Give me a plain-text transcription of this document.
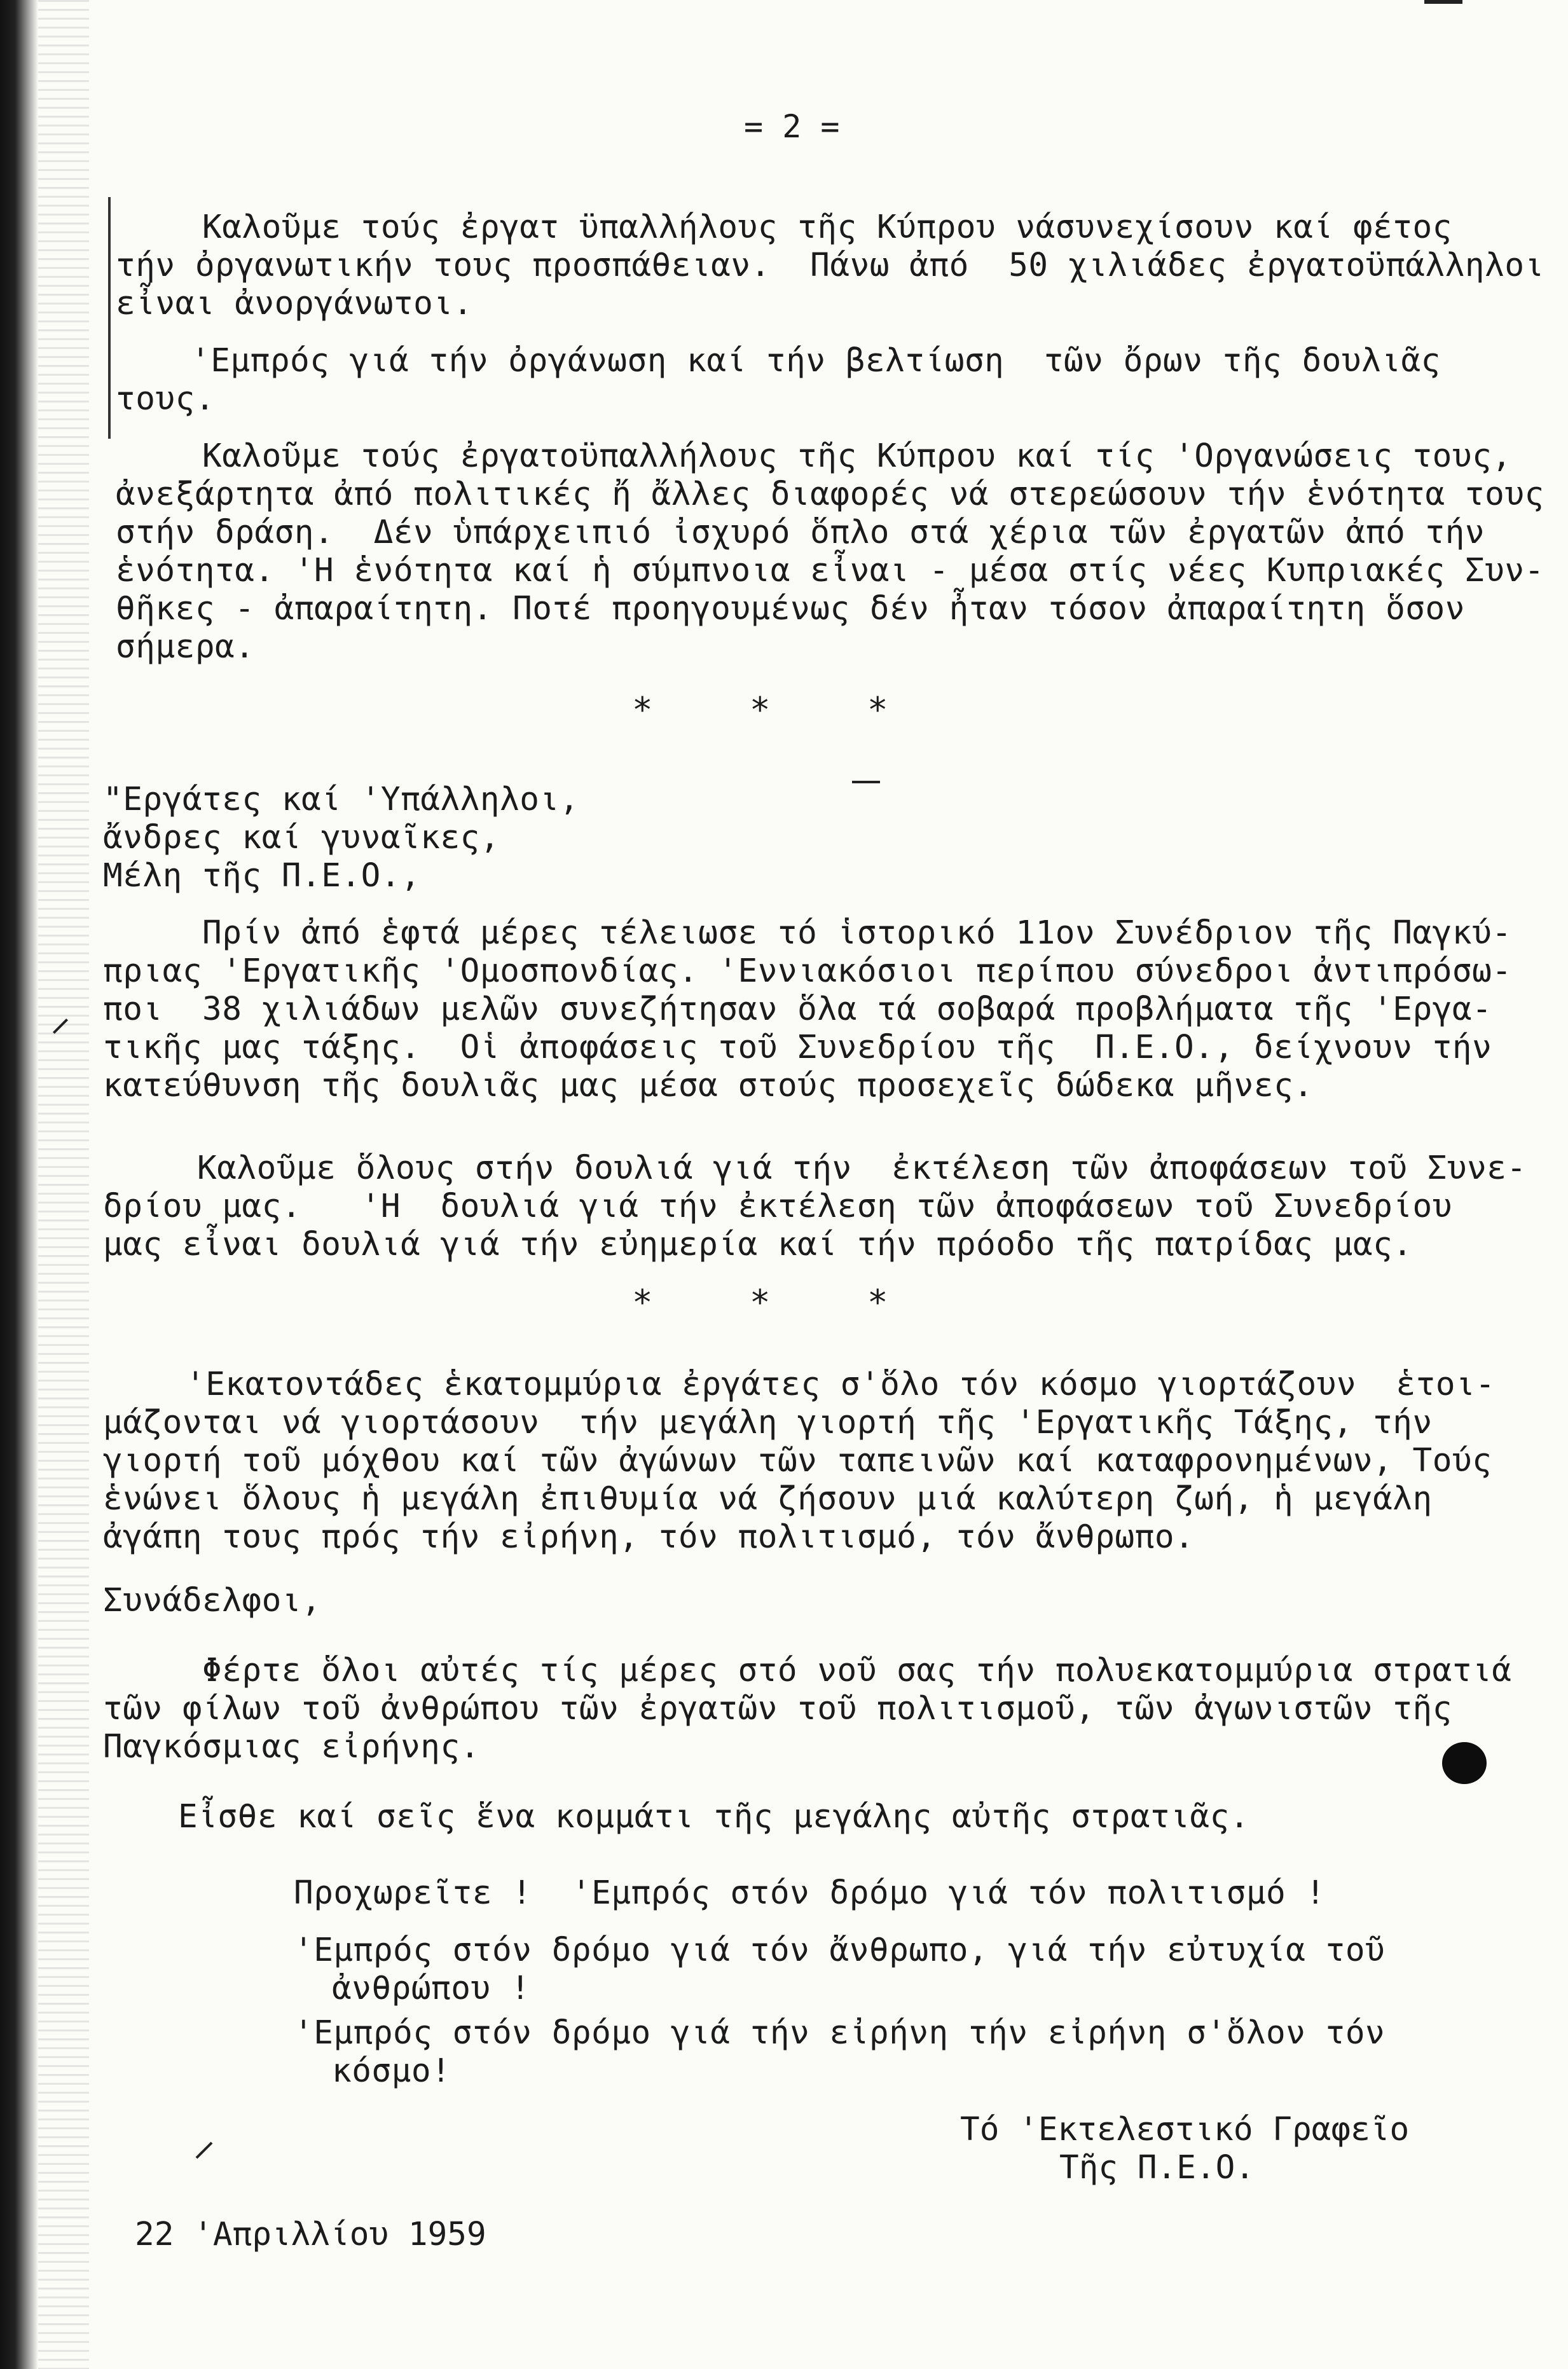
= 2 =
Καλοῦμε τούς ἐργατ ϋπαλλήλους τῆς Κύπρου νάσυνεχίσουν καί φέτος
τήν ὀργανωτικήν τους προσπάθειαν.  Πάνω ἀπό  50 χιλιάδες ἐργατοϋπάλληλοι
εἶναι ἀνοργάνωτοι.
'Εμπρός γιά τήν ὀργάνωση καί τήν βελτίωση  τῶν ὄρων τῆς δουλιᾶς
τους.
Καλοῦμε τούς ἐργατοϋπαλλήλους τῆς Κύπρου καί τίς 'Οργανώσεις τους,
ἀνεξάρτητα ἀπό πολιτικές ἤ ἄλλες διαφορές νά στερεώσουν τήν ἑνότητα τους
στήν δράση.  Δέν ὑπάρχειπιό ἰσχυρό ὅπλο στά χέρια τῶν ἐργατῶν ἀπό τήν
ἑνότητα. 'Η ἑνότητα καί ἡ σύμπνοια εἶναι - μέσα στίς νέες Κυπριακές Συν-
θῆκες - ἀπαραίτητη. Ποτέ προηγουμένως δέν ἦταν τόσον ἀπαραίτητη ὅσον
σήμερα.
* * *
"Εργάτες καί 'Υπάλληλοι,
ἄνδρες καί γυναῖκες,
Μέλη τῆς Π.Ε.Ο.,
Πρίν ἀπό ἑφτά μέρες τέλειωσε τό ἱστορικό 11ον Συνέδριον τῆς Παγκύ-
πριας 'Εργατικῆς 'Ομοσπονδίας. 'Εννιακόσιοι περίπου σύνεδροι ἀντιπρόσω-
ποι  38 χιλιάδων μελῶν συνεζήτησαν ὅλα τά σοβαρά προβλήματα τῆς 'Εργα-
τικῆς μας τάξης.  Οἱ ἀποφάσεις τοῦ Συνεδρίου τῆς  Π.Ε.Ο., δείχνουν τήν
κατεύθυνση τῆς δουλιᾶς μας μέσα στούς προσεχεῖς δώδεκα μῆνες.
Καλοῦμε ὅλους στήν δουλιά γιά τήν  ἐκτέλεση τῶν ἀποφάσεων τοῦ Συνε-
δρίου μας.   'Η  δουλιά γιά τήν ἐκτέλεση τῶν ἀποφάσεων τοῦ Συνεδρίου
μας εἶναι δουλιά γιά τήν εὐημερία καί τήν πρόοδο τῆς πατρίδας μας.
* * *
'Εκατοντάδες ἑκατομμύρια ἐργάτες σ'ὅλο τόν κόσμο γιορτάζουν  ἑτοι-
μάζονται νά γιορτάσουν  τήν μεγάλη γιορτή τῆς 'Εργατικῆς Τάξης, τήν
γιορτή τοῦ μόχθου καί τῶν ἀγώνων τῶν ταπεινῶν καί καταφρονημένων, Τούς
ἑνώνει ὅλους ἡ μεγάλη ἐπιθυμία νά ζήσουν μιά καλύτερη ζωή, ἡ μεγάλη
ἀγάπη τους πρός τήν εἰρήνη, τόν πολιτισμό, τόν ἄνθρωπο.
Συνάδελφοι,
Φέρτε ὅλοι αὐτές τίς μέρες στό νοῦ σας τήν πολυεκατομμύρια στρατιά
τῶν φίλων τοῦ ἀνθρώπου τῶν ἐργατῶν τοῦ πολιτισμοῦ, τῶν ἀγωνιστῶν τῆς
Παγκόσμιας εἰρήνης.
Εἶσθε καί σεῖς ἕνα κομμάτι τῆς μεγάλης αὐτῆς στρατιᾶς.
Προχωρεῖτε !  'Εμπρός στόν δρόμο γιά τόν πολιτισμό !
'Εμπρός στόν δρόμο γιά τόν ἄνθρωπο, γιά τήν εὐτυχία τοῦ
ἀνθρώπου !
'Εμπρός στόν δρόμο γιά τήν εἰρήνη τήν εἰρήνη σ'ὅλον τόν
κόσμο!
Τό 'Εκτελεστικό Γραφεῖο
Τῆς Π.Ε.Ο.
22 'Απριλλίου 1959
